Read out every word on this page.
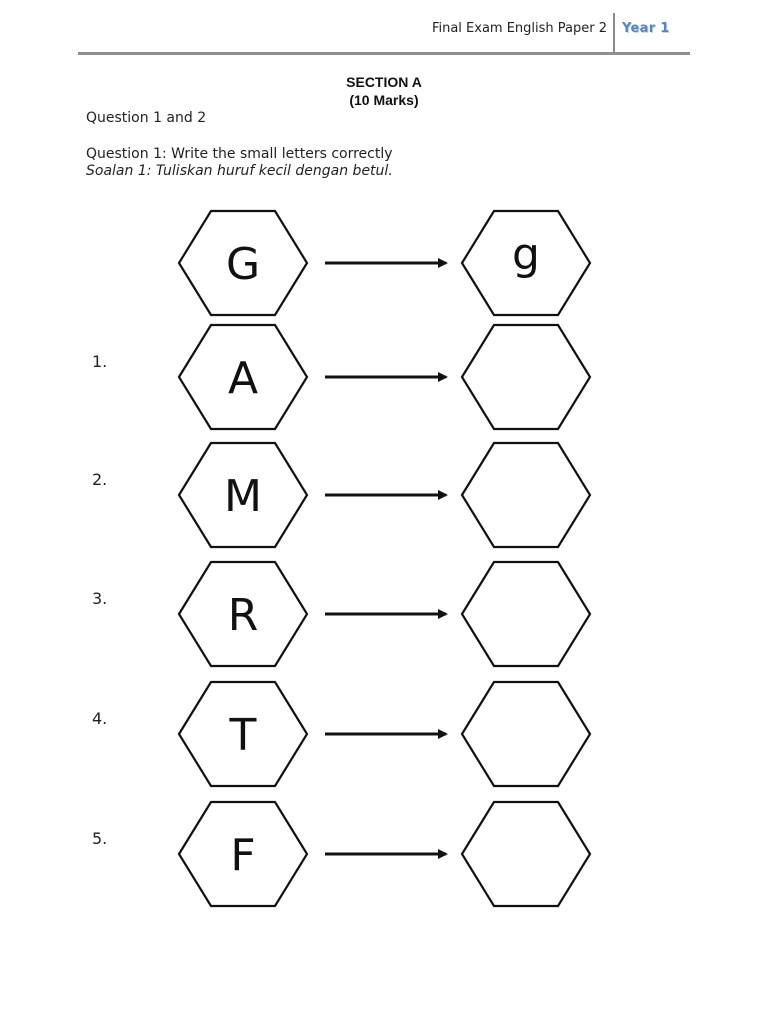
Final Exam English Paper 2 Year 1
SECTION A
(10 Marks)
Question 1 and 2
Question 1: Write the small letters correctly
Soalan 1: Tuliskan huruf kecil dengan betul.
G	g
A
1.
M
2.
R
3.
T
4.
F
5.
